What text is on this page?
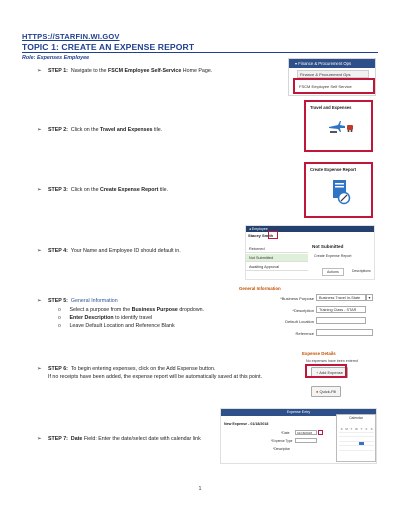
HTTPS://STARFIN.WI.GOV
TOPIC 1: CREATE AN EXPENSE REPORT
Role: Expenses Employee
➢	STEP 1: Navigate to the FSCM Employee Self-Service Home Page.
▾ Finance & Procurement Ops
Finance & Procurement Ops
FSCM Employee Self Service
➢	STEP 2: Click on the Travel and Expenses tile.
Travel and Expenses
➢	STEP 3: Click on the Create Expense Report tile.
Create Expense Report
➢	STEP 4: Your Name and Employee ID should default in.
◂ Employee
Stacey Smith
Returned
Not Submitted
Awaiting Approval
Not Submitted
Create Expense Report
Actions	Descriptions
➢	STEP 5: General Information
o Select a purpose from the Business Purpose dropdown.
o Enter Description to identify travel
o Leave Default Location and Reference Blank
General Information
*Business Purpose	Business Travel In-State	▾
*Description	Training Class - STAR
Default Location
Reference
➢	STEP 6: To begin entering expenses, click on the Add Expense button.
If no receipts have been added, the expense report will be automatically saved at this point.
Expense Details
No expenses have been entered
+ Add Expense
● Quick-Fill
➢	STEP 7: Date Field: Enter the date/select date with calendar link
Expense Entry
New Expense - 01/18/2018
*Date	01/18/2018
*Expense Type
*Description
Calendar
S	M	T	W	T	F	S
1
